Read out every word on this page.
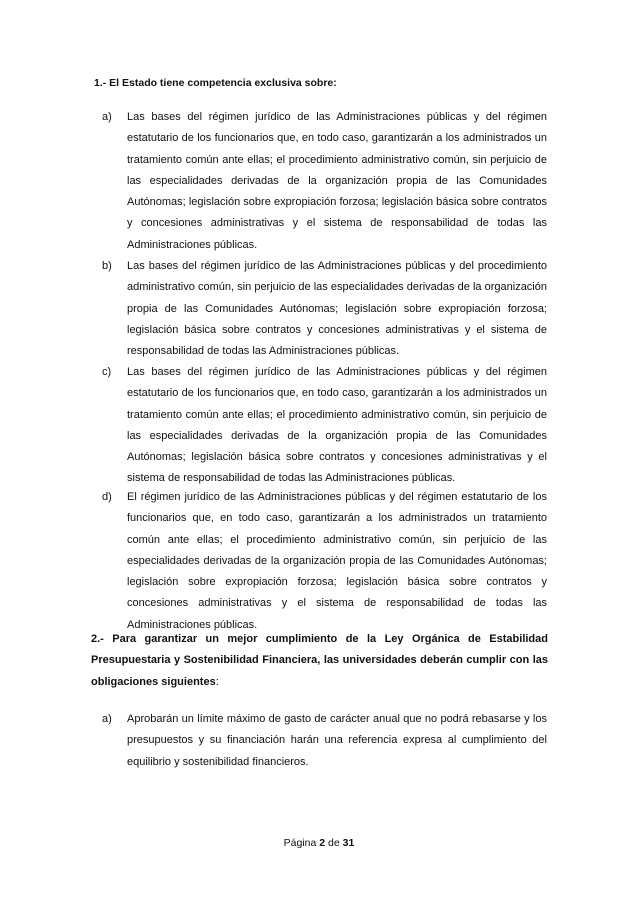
1.- El Estado tiene competencia exclusiva sobre:
a) Las bases del régimen jurídico de las Administraciones públicas y del régimen estatutario de los funcionarios que, en todo caso, garantizarán a los administrados un tratamiento común ante ellas; el procedimiento administrativo común, sin perjuicio de las especialidades derivadas de la organización propia de las Comunidades Autónomas; legislación sobre expropiación forzosa; legislación básica sobre contratos y concesiones administrativas y el sistema de responsabilidad de todas las Administraciones públicas.
b) Las bases del régimen jurídico de las Administraciones públicas y del procedimiento administrativo común, sin perjuicio de las especialidades derivadas de la organización propia de las Comunidades Autónomas; legislación sobre expropiación forzosa; legislación básica sobre contratos y concesiones administrativas y el sistema de responsabilidad de todas las Administraciones públicas.
c) Las bases del régimen jurídico de las Administraciones públicas y del régimen estatutario de los funcionarios que, en todo caso, garantizarán a los administrados un tratamiento común ante ellas; el procedimiento administrativo común, sin perjuicio de las especialidades derivadas de la organización propia de las Comunidades Autónomas; legislación básica sobre contratos y concesiones administrativas y el sistema de responsabilidad de todas las Administraciones públicas.
d) El régimen jurídico de las Administraciones públicas y del régimen estatutario de los funcionarios que, en todo caso, garantizarán a los administrados un tratamiento común ante ellas; el procedimiento administrativo común, sin perjuicio de las especialidades derivadas de la organización propia de las Comunidades Autónomas; legislación sobre expropiación forzosa; legislación básica sobre contratos y concesiones administrativas y el sistema de responsabilidad de todas las Administraciones públicas.
2.- Para garantizar un mejor cumplimiento de la Ley Orgánica de Estabilidad Presupuestaria y Sostenibilidad Financiera, las universidades deberán cumplir con las obligaciones siguientes:
a) Aprobarán un límite máximo de gasto de carácter anual que no podrá rebasarse y los presupuestos y su financiación harán una referencia expresa al cumplimiento del equilibrio y sostenibilidad financieros.
Página 2 de 31
